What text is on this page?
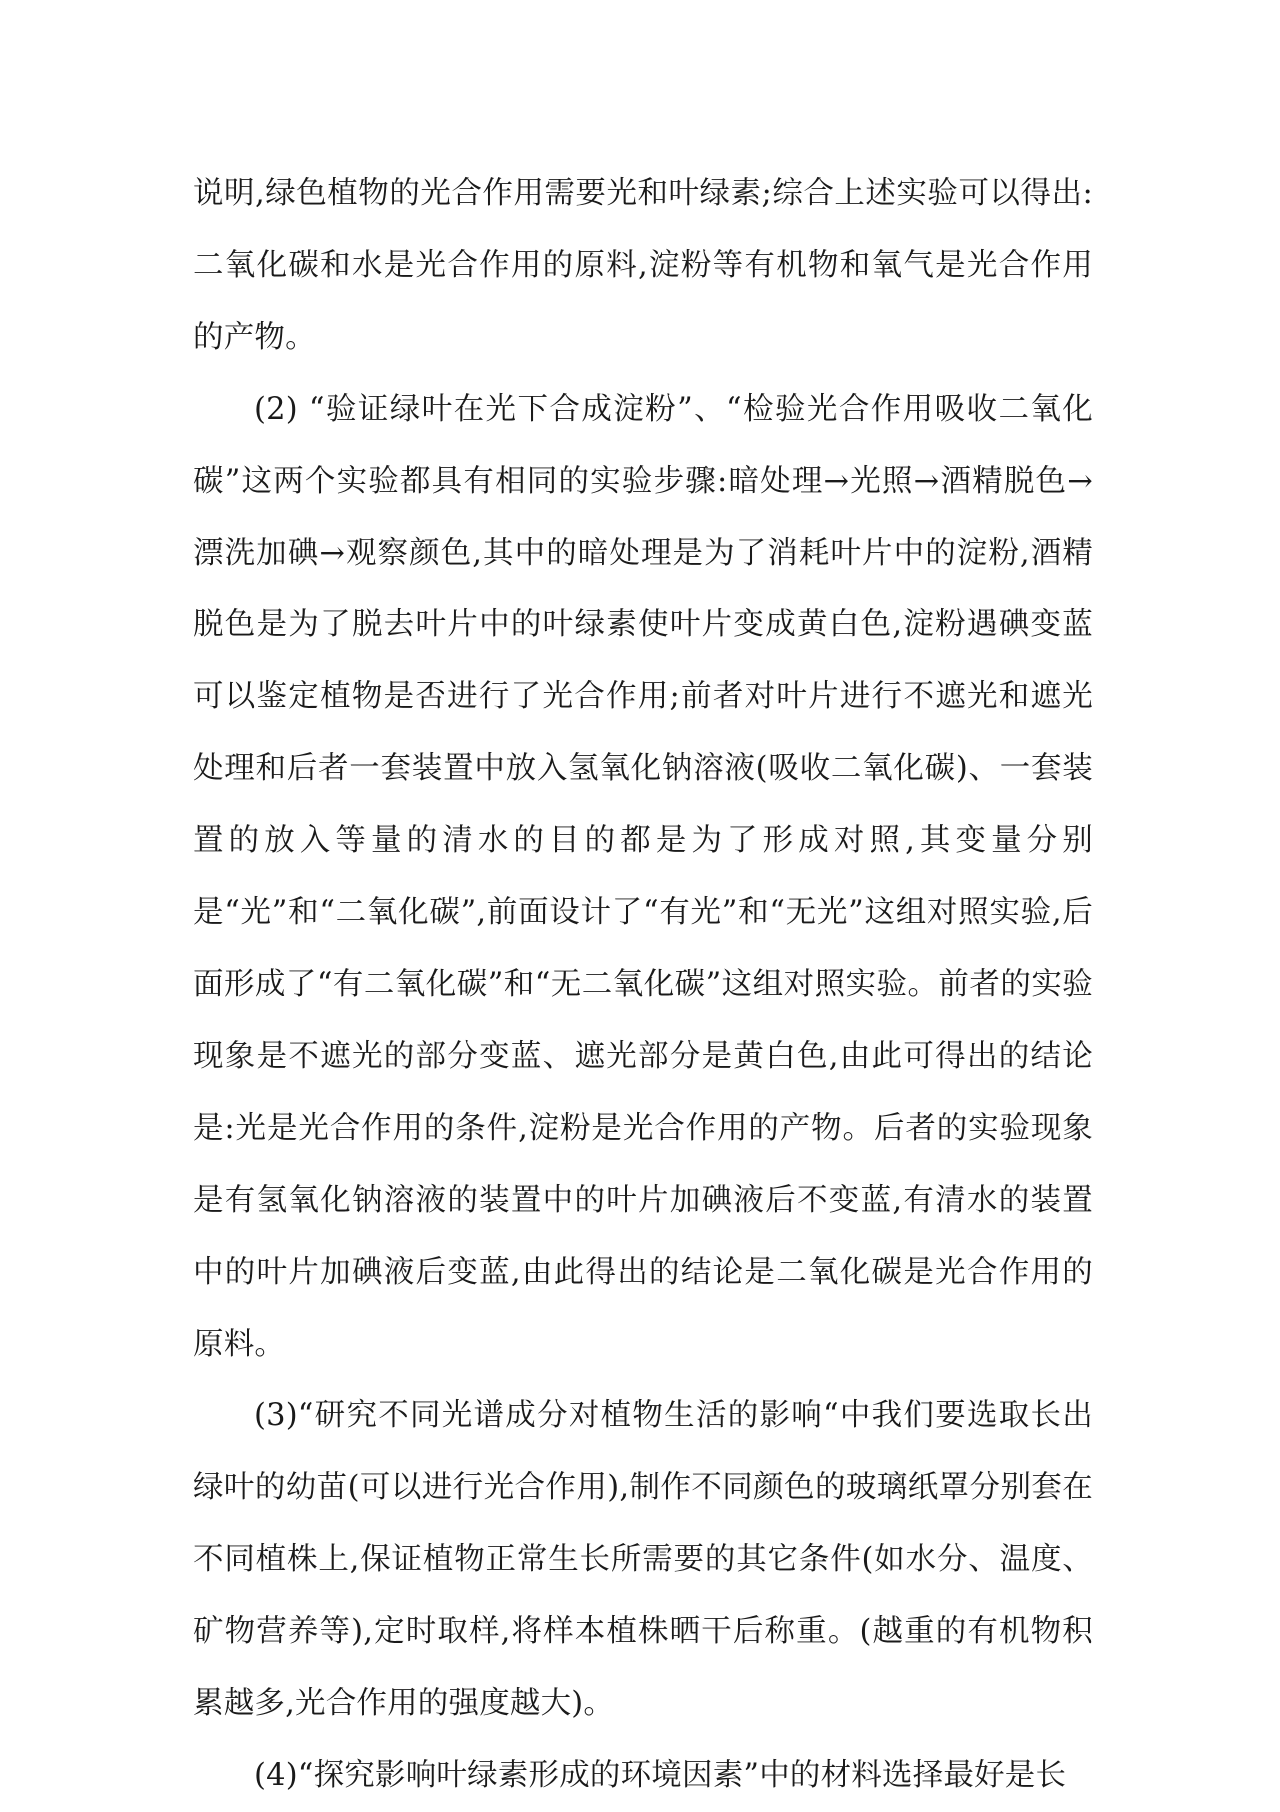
说明,绿色植物的光合作用需要光和叶绿素;综合上述实验可以得出:二氧化碳和水是光合作用的原料,淀粉等有机物和氧气是光合作用的产物。

(2) “验证绿叶在光下合成淀粉”、“检验光合作用吸收二氧化碳”这两个实验都具有相同的实验步骤:暗处理→光照→酒精脱色→漂洗加碘→观察颜色,其中的暗处理是为了消耗叶片中的淀粉,酒精脱色是为了脱去叶片中的叶绿素使叶片变成黄白色,淀粉遇碘变蓝可以鉴定植物是否进行了光合作用;前者对叶片进行不遮光和遮光处理和后者一套装置中放入氢氧化钠溶液(吸收二氧化碳)、一套装置的放入等量的清水的目的都是为了形成对照,其变量分别是“光”和“二氧化碳”,前面设计了“有光”和“无光”这组对照实验,后面形成了“有二氧化碳”和“无二氧化碳”这组对照实验。前者的实验现象是不遮光的部分变蓝、遮光部分是黄白色,由此可得出的结论是:光是光合作用的条件,淀粉是光合作用的产物。后者的实验现象是有氢氧化钠溶液的装置中的叶片加碘液后不变蓝,有清水的装置中的叶片加碘液后变蓝,由此得出的结论是二氧化碳是光合作用的原料。

(3)“研究不同光谱成分对植物生活的影响“中我们要选取长出绿叶的幼苗(可以进行光合作用),制作不同颜色的玻璃纸罩分别套在不同植株上,保证植物正常生长所需要的其它条件(如水分、温度、矿物营养等),定时取样,将样本植株晒干后称重。(越重的有机物积累越多,光合作用的强度越大)。

(4)“探究影响叶绿素形成的环境因素”中的材料选择最好是长
